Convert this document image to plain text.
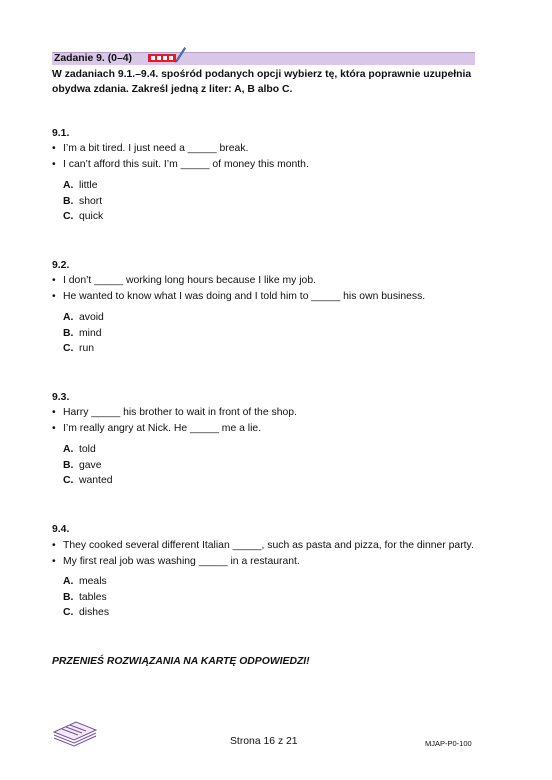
Zadanie 9. (0–4)
W zadaniach 9.1.–9.4. spośród podanych opcji wybierz tę, która poprawnie uzupełnia obydwa zdania. Zakreśl jedną z liter: A, B albo C.
9.1.
• I’m a bit tired. I just need a _____ break.
• I can’t afford this suit. I’m _____ of money this month.
A. little
B. short
C. quick
9.2.
• I don’t _____ working long hours because I like my job.
• He wanted to know what I was doing and I told him to _____ his own business.
A. avoid
B. mind
C. run
9.3.
• Harry _____ his brother to wait in front of the shop.
• I’m really angry at Nick. He _____ me a lie.
A. told
B. gave
C. wanted
9.4.
• They cooked several different Italian _____, such as pasta and pizza, for the dinner party.
• My first real job was washing _____ in a restaurant.
A. meals
B. tables
C. dishes
PRZENIEŚ ROZWIĄZANIA NA KARTĘ ODPOWIEDZI!
Strona 16 z 21	MJAP-P0-100
